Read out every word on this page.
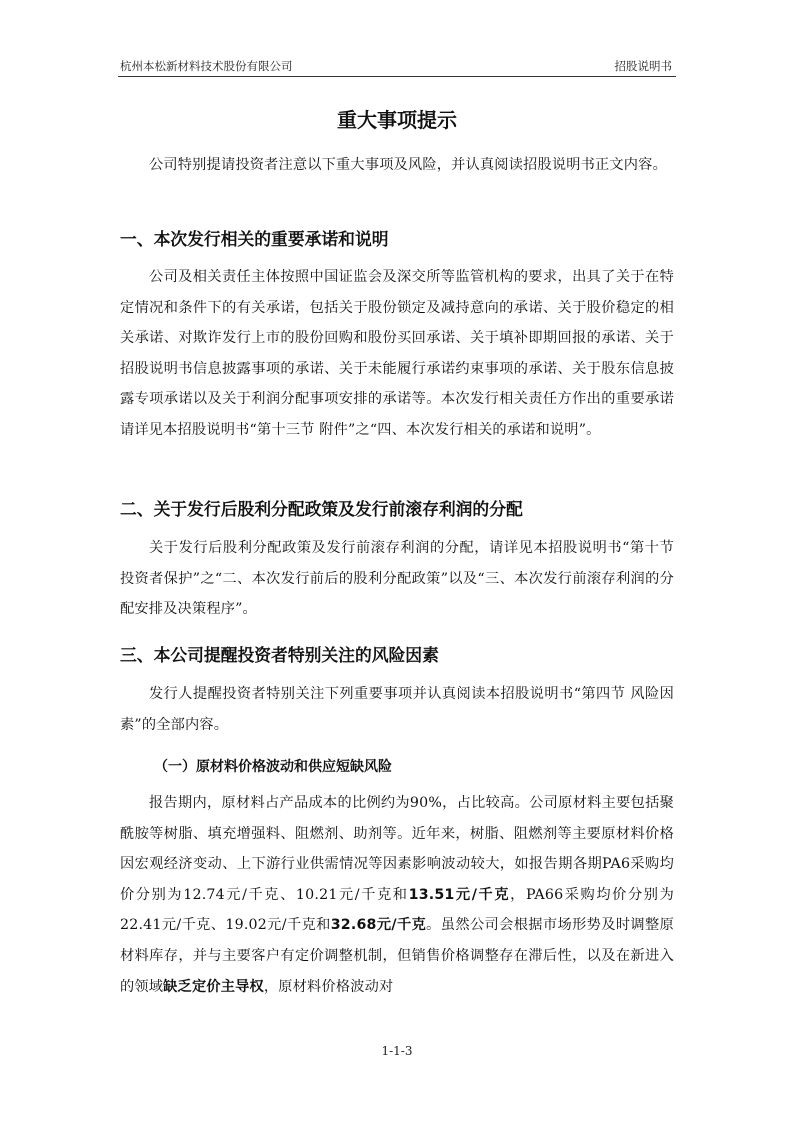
杭州本松新材料技术股份有限公司	招股说明书
重大事项提示
公司特别提请投资者注意以下重大事项及风险，并认真阅读招股说明书正文内容。
一、本次发行相关的重要承诺和说明
公司及相关责任主体按照中国证监会及深交所等监管机构的要求，出具了关于在特定情况和条件下的有关承诺，包括关于股份锁定及减持意向的承诺、关于股价稳定的相关承诺、对欺诈发行上市的股份回购和股份买回承诺、关于填补即期回报的承诺、关于招股说明书信息披露事项的承诺、关于未能履行承诺约束事项的承诺、关于股东信息披露专项承诺以及关于利润分配事项安排的承诺等。本次发行相关责任方作出的重要承诺请详见本招股说明书“第十三节 附件”之“四、本次发行相关的承诺和说明”。
二、关于发行后股利分配政策及发行前滚存利润的分配
关于发行后股利分配政策及发行前滚存利润的分配，请详见本招股说明书“第十节 投资者保护”之“二、本次发行前后的股利分配政策”以及“三、本次发行前滚存利润的分配安排及决策程序”。
三、本公司提醒投资者特别关注的风险因素
发行人提醒投资者特别关注下列重要事项并认真阅读本招股说明书“第四节 风险因素”的全部内容。
（一）原材料价格波动和供应短缺风险
报告期内，原材料占产品成本的比例约为90%，占比较高。公司原材料主要包括聚酰胺等树脂、填充增强料、阻燃剂、助剂等。近年来，树脂、阻燃剂等主要原材料价格因宏观经济变动、上下游行业供需情况等因素影响波动较大，如报告期各期PA6采购均价分别为12.74元/千克、10.21元/千克和13.51元/千克，PA66采购均价分别为22.41元/千克、19.02元/千克和32.68元/千克。虽然公司会根据市场形势及时调整原材料库存，并与主要客户有定价调整机制，但销售价格调整存在滞后性，以及在新进入的领域缺乏定价主导权，原材料价格波动对
1-1-3
